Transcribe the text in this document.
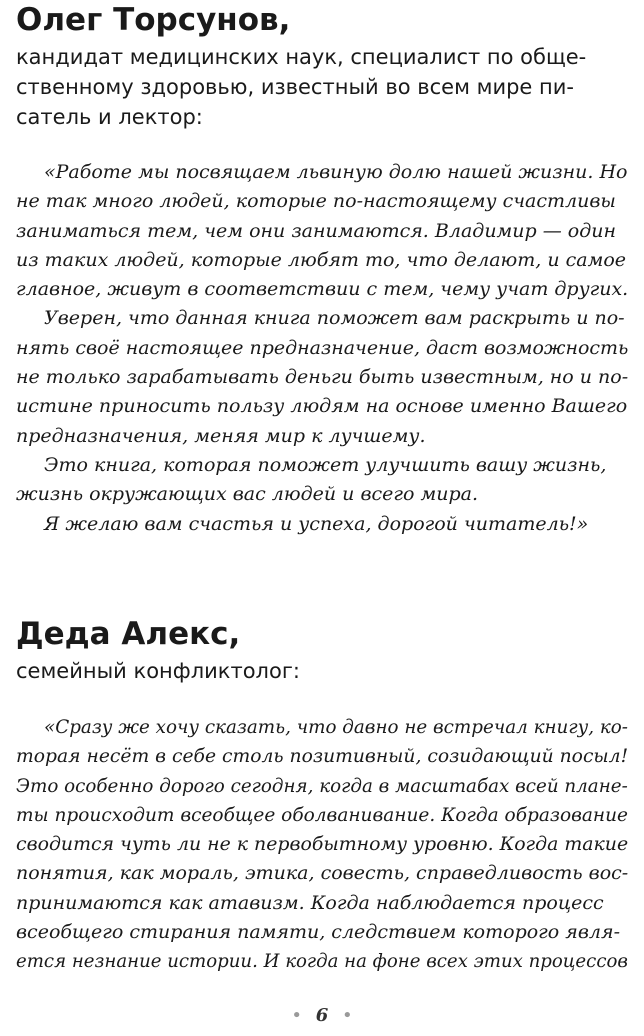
Олег Торсунов,
кандидат медицинских наук, специалист по обще-
ственному здоровью, известный во всем мире пи-
сатель и лектор:
«Работе мы посвящаем львиную долю нашей жизни. Но
не так много людей, которые по-настоящему счастливы
заниматься тем, чем они занимаются. Владимир — один
из таких людей, которые любят то, что делают, и самое
главное, живут в соответствии с тем, чему учат других.
Уверен, что данная книга поможет вам раскрыть и по-
нять своё настоящее предназначение, даст возможность
не только зарабатывать деньги быть известным, но и по-
истине приносить пользу людям на основе именно Вашего
предназначения, меняя мир к лучшему.
Это книга, которая поможет улучшить вашу жизнь,
жизнь окружающих вас людей и всего мира.
Я желаю вам счастья и успеха, дорогой читатель!»
Деда Алекс,
семейный конфликтолог:
«Сразу же хочу сказать, что давно не встречал книгу, ко-
торая несёт в себе столь позитивный, созидающий посыл!
Это особенно дорого сегодня, когда в масштабах всей плане-
ты происходит всеобщее оболванивание. Когда образование
сводится чуть ли не к первобытному уровню. Когда такие
понятия, как мораль, этика, совесть, справедливость вос-
принимаются как атавизм. Когда наблюдается процесс
всеобщего стирания памяти, следствием которого явля-
ется незнание истории. И когда на фоне всех этих процессов
• 6 •
